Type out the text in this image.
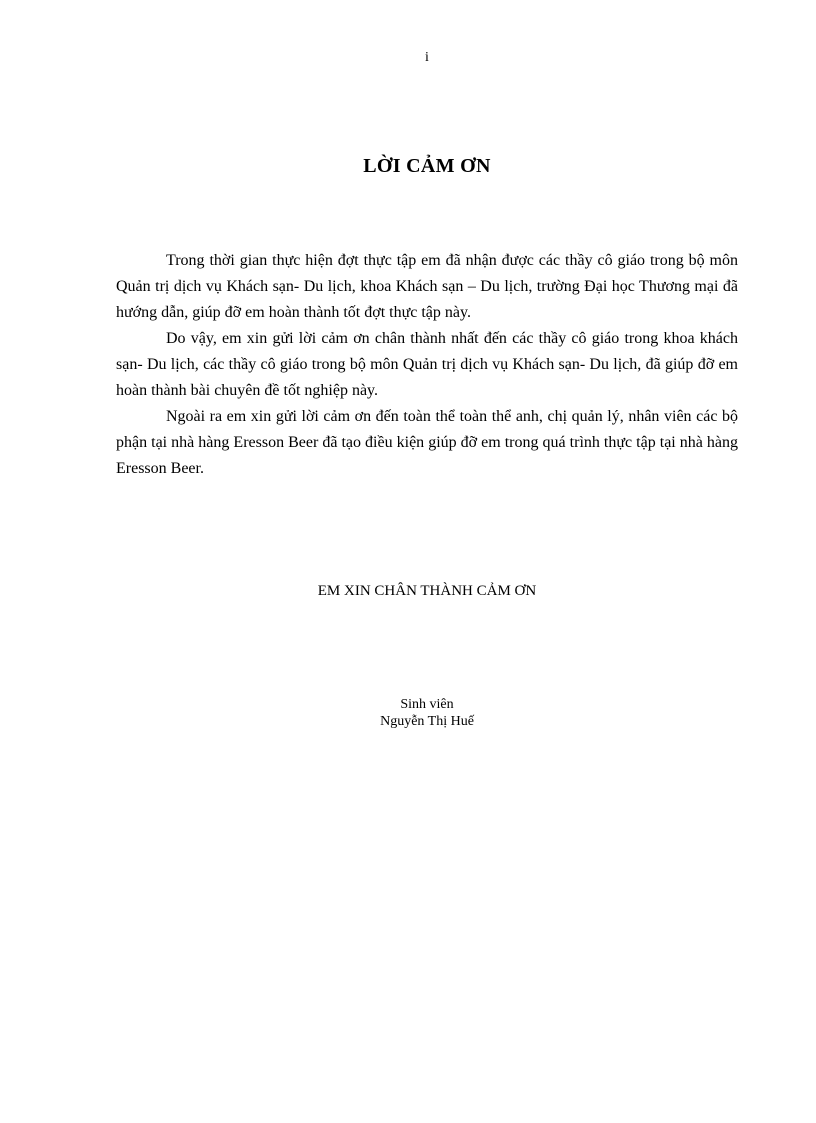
i
LỜI CẢM ƠN

Trong thời gian thực hiện đợt thực tập em đã nhận được các thầy cô giáo trong bộ môn Quản trị dịch vụ Khách sạn- Du lịch, khoa Khách sạn – Du lịch, trường Đại học Thương mại đã hướng dẫn, giúp đỡ em hoàn thành tốt đợt thực tập này.

Do vậy, em xin gửi lời cảm ơn chân thành nhất đến các thầy cô giáo trong khoa khách sạn- Du lịch, các thầy cô giáo trong bộ môn Quản trị dịch vụ Khách sạn- Du lịch, đã giúp đỡ em hoàn thành bài chuyên đề tốt nghiệp này.

Ngoài ra em xin gửi lời cảm ơn đến toàn thể toàn thể anh, chị quản lý, nhân viên các bộ phận tại nhà hàng Eresson Beer đã tạo điều kiện giúp đỡ em trong quá trình thực tập tại nhà hàng Eresson Beer.

EM XIN CHÂN THÀNH CẢM ƠN
Sinh viên
Nguyễn Thị Huế
